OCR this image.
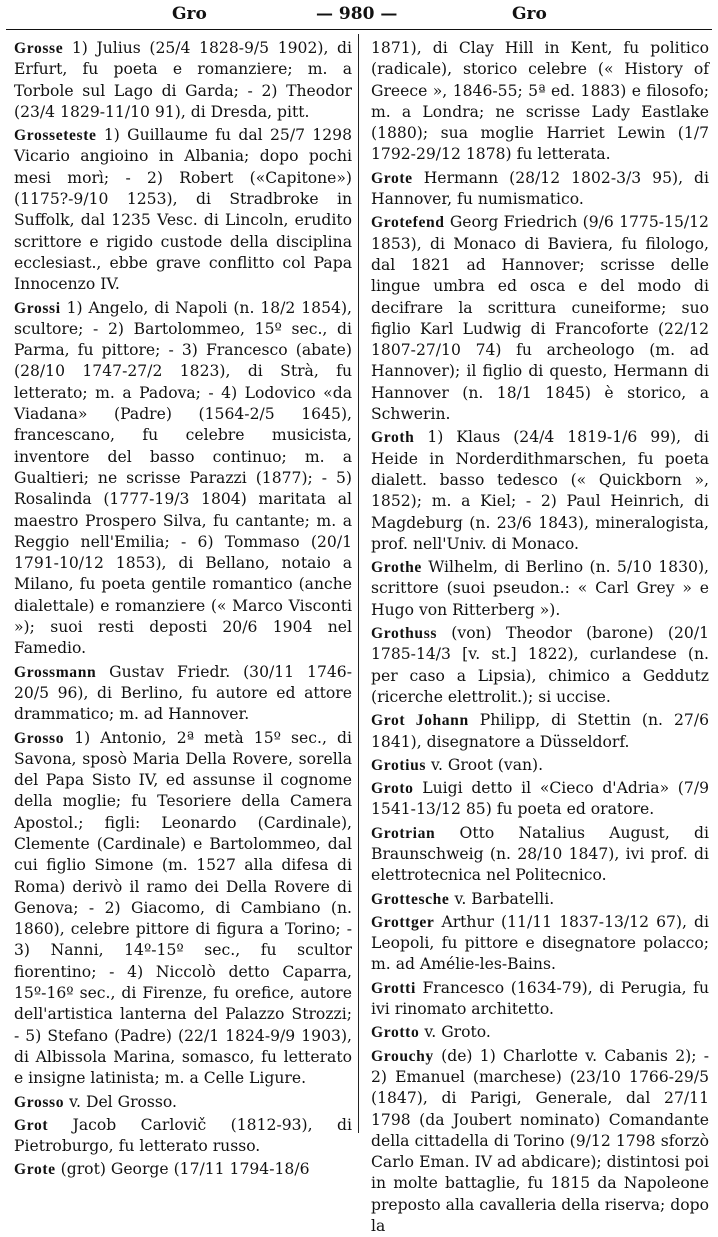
Gro	— 980 —	Gro

Grosse 1) Julius (25/4 1828-9/5 1902), di Erfurt, fu poeta e romanziere; m. a Torbole sul Lago di Garda; - 2) Theodor (23/4 1829-11/10 91), di Dresda, pitt.

Grosseteste 1) Guillaume fu dal 25/7 1298 Vicario angioino in Albania; dopo pochi mesi morì; - 2) Robert («Capitone») (1175?-9/10 1253), di Stradbroke in Suffolk, dal 1235 Vesc. di Lincoln, erudito scrittore e rigido custode della disciplina ecclesiast., ebbe grave conflitto col Papa Innocenzo IV.

Grossi 1) Angelo, di Napoli (n. 18/2 1854), scultore; - 2) Bartolommeo, 15º sec., di Parma, fu pittore; - 3) Francesco (abate) (28/10 1747-27/2 1823), di Strà, fu letterato; m. a Padova; - 4) Lodovico «da Viadana» (Padre) (1564-2/5 1645), francescano, fu celebre musicista, inventore del basso continuo; m. a Gualtieri; ne scrisse Parazzi (1877); - 5) Rosalinda (1777-19/3 1804) maritata al maestro Prospero Silva, fu cantante; m. a Reggio nell'Emilia; - 6) Tommaso (20/1 1791-10/12 1853), di Bellano, notaio a Milano, fu poeta gentile romantico (anche dialettale) e romanziere (« Marco Visconti »); suoi resti deposti 20/6 1904 nel Famedio.

Grossmann Gustav Friedr. (30/11 1746-20/5 96), di Berlino, fu autore ed attore drammatico; m. ad Hannover.

Grosso 1) Antonio, 2ª metà 15º sec., di Savona, sposò Maria Della Rovere, sorella del Papa Sisto IV, ed assunse il cognome della moglie; fu Tesoriere della Camera Apostol.; figli: Leonardo (Cardinale), Clemente (Cardinale) e Bartolommeo, dal cui figlio Simone (m. 1527 alla difesa di Roma) derivò il ramo dei Della Rovere di Genova; - 2) Giacomo, di Cambiano (n. 1860), celebre pittore di figura a Torino; - 3) Nanni, 14º-15º sec., fu scultor fiorentino; - 4) Niccolò detto Caparra, 15º-16º sec., di Firenze, fu orefice, autore dell'artistica lanterna del Palazzo Strozzi; - 5) Stefano (Padre) (22/1 1824-9/9 1903), di Albissola Marina, somasco, fu letterato e insigne latinista; m. a Celle Ligure.

Grosso v. Del Grosso.

Grot Jacob Carlovič (1812-93), di Pietroburgo, fu letterato russo.

Grote (grot) George (17/11 1794-18/6

1871), di Clay Hill in Kent, fu politico (radicale), storico celebre (« History of Greece », 1846-55; 5ª ed. 1883) e filosofo; m. a Londra; ne scrisse Lady Eastlake (1880); sua moglie Harriet Lewin (1/7 1792-29/12 1878) fu letterata.

Grote Hermann (28/12 1802-3/3 95), di Hannover, fu numismatico.

Grotefend Georg Friedrich (9/6 1775-15/12 1853), di Monaco di Baviera, fu filologo, dal 1821 ad Hannover; scrisse delle lingue umbra ed osca e del modo di decifrare la scrittura cuneiforme; suo figlio Karl Ludwig di Francoforte (22/12 1807-27/10 74) fu archeologo (m. ad Hannover); il figlio di questo, Hermann di Hannover (n. 18/1 1845) è storico, a Schwerin.

Groth 1) Klaus (24/4 1819-1/6 99), di Heide in Norderdithmarschen, fu poeta dialett. basso tedesco (« Quickborn », 1852); m. a Kiel; - 2) Paul Heinrich, di Magdeburg (n. 23/6 1843), mineralogista, prof. nell'Univ. di Monaco.

Grothe Wilhelm, di Berlino (n. 5/10 1830), scrittore (suoi pseudon.: « Carl Grey » e Hugo von Ritterberg »).

Grothuss (von) Theodor (barone) (20/1 1785-14/3 [v. st.] 1822), curlandese (n. per caso a Lipsia), chimico a Geddutz (ricerche elettrolit.); si uccise.

Grot Johann Philipp, di Stettin (n. 27/6 1841), disegnatore a Düsseldorf.

Grotius v. Groot (van).

Groto Luigi detto il «Cieco d'Adria» (7/9 1541-13/12 85) fu poeta ed oratore.

Grotrian Otto Natalius August, di Braunschweig (n. 28/10 1847), ivi prof. di elettrotecnica nel Politecnico.

Grottesche v. Barbatelli.

Grottger Arthur (11/11 1837-13/12 67), di Leopoli, fu pittore e disegnatore polacco; m. ad Amélie-les-Bains.

Grotti Francesco (1634-79), di Perugia, fu ivi rinomato architetto.

Grotto v. Groto.

Grouchy (de) 1) Charlotte v. Cabanis 2); - 2) Emanuel (marchese) (23/10 1766-29/5 (1847), di Parigi, Generale, dal 27/11 1798 (da Joubert nominato) Comandante della cittadella di Torino (9/12 1798 sforzò Carlo Eman. IV ad abdicare); distintosi poi in molte battaglie, fu 1815 da Napoleone preposto alla cavalleria della riserva; dopo la
